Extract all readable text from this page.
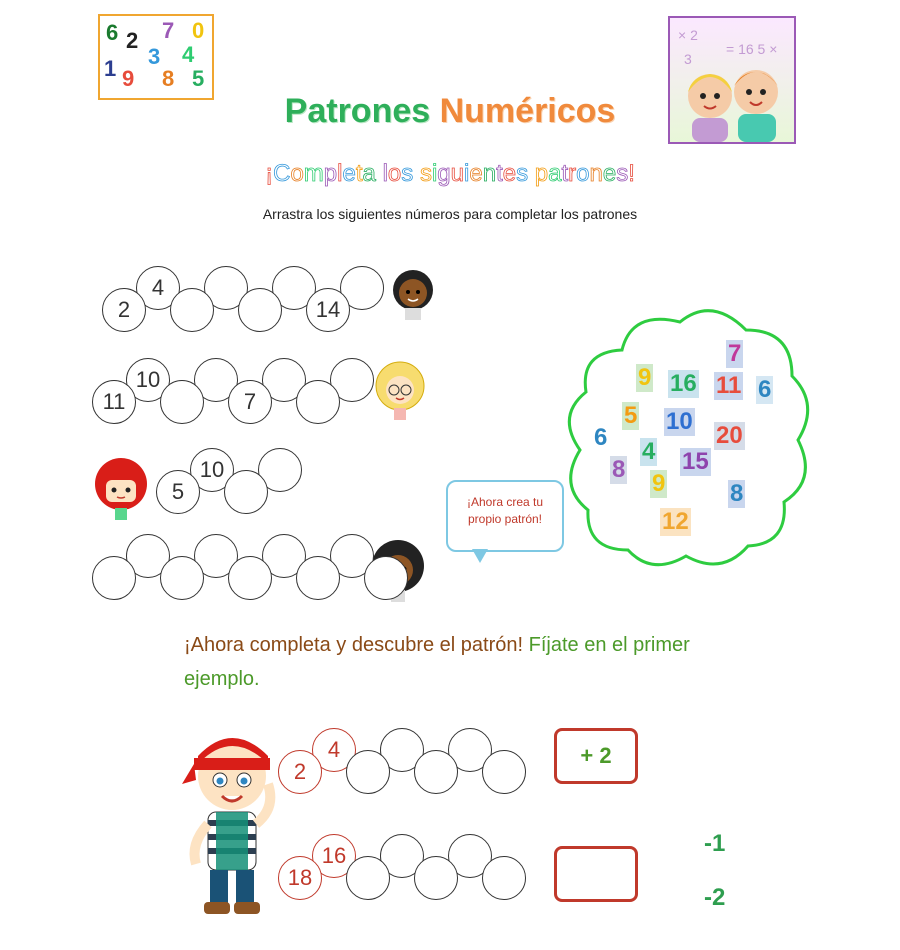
6 2 7 0
3 4
1 9 8 5
× 2
= 16 5 ×
3
Patrones Numéricos
¡Completa los siguientes patrones!
Arrastra los siguientes números para completar los patrones
2
4
14
11
10
7
5
10
¡Ahora crea tu
propio patrón!
7
9 16 11 6
5 10
20
6
4
8 15
9	8
12
¡Ahora completa y descubre el patrón! Fíjate en el primer ejemplo.
2
4
18
16
+ 2
-1
-2
